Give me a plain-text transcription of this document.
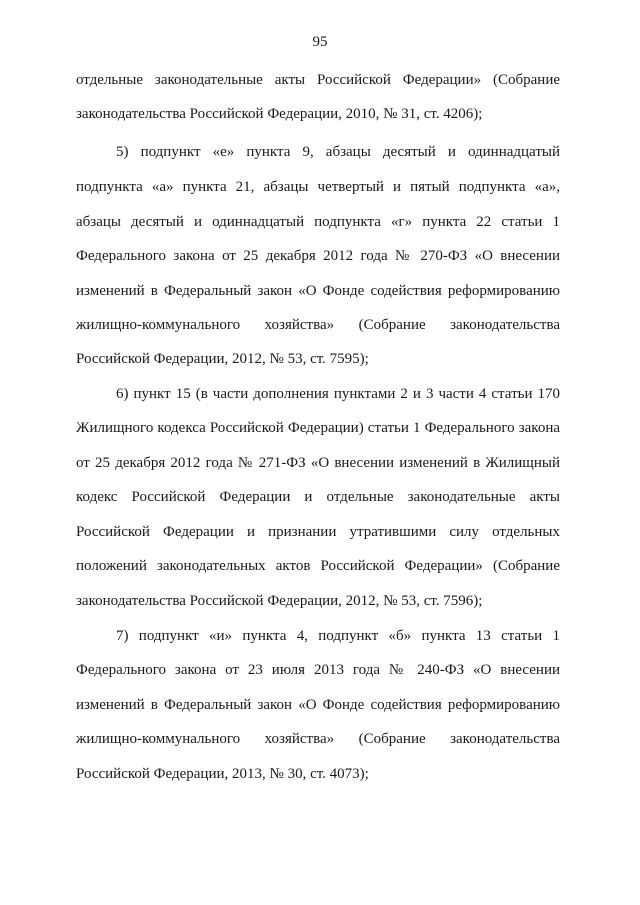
95
отдельные законодательные акты Российской Федерации» (Собрание
законодательства Российской Федерации, 2010, № 31, ст. 4206);
5) подпункт «е» пункта 9, абзацы десятый и одиннадцатый
подпункта «а» пункта 21, абзацы четвертый и пятый подпункта «а»,
абзацы десятый и одиннадцатый подпункта «г» пункта 22 статьи 1
Федерального закона от 25 декабря 2012 года № 270-ФЗ «О внесении
изменений в Федеральный закон «О Фонде содействия реформированию
жилищно-коммунального хозяйства» (Собрание законодательства
Российской Федерации, 2012, № 53, ст. 7595);
6) пункт 15 (в части дополнения пунктами 2 и 3 части 4 статьи 170
Жилищного кодекса Российской Федерации) статьи 1 Федерального закона
от 25 декабря 2012 года № 271-ФЗ «О внесении изменений в Жилищный
кодекс Российской Федерации и отдельные законодательные акты
Российской Федерации и признании утратившими силу отдельных
положений законодательных актов Российской Федерации» (Собрание
законодательства Российской Федерации, 2012, № 53, ст. 7596);
7) подпункт «и» пункта 4, подпункт «б» пункта 13 статьи 1
Федерального закона от 23 июля 2013 года № 240-ФЗ «О внесении
изменений в Федеральный закон «О Фонде содействия реформированию
жилищно-коммунального хозяйства» (Собрание законодательства
Российской Федерации, 2013, № 30, ст. 4073);
